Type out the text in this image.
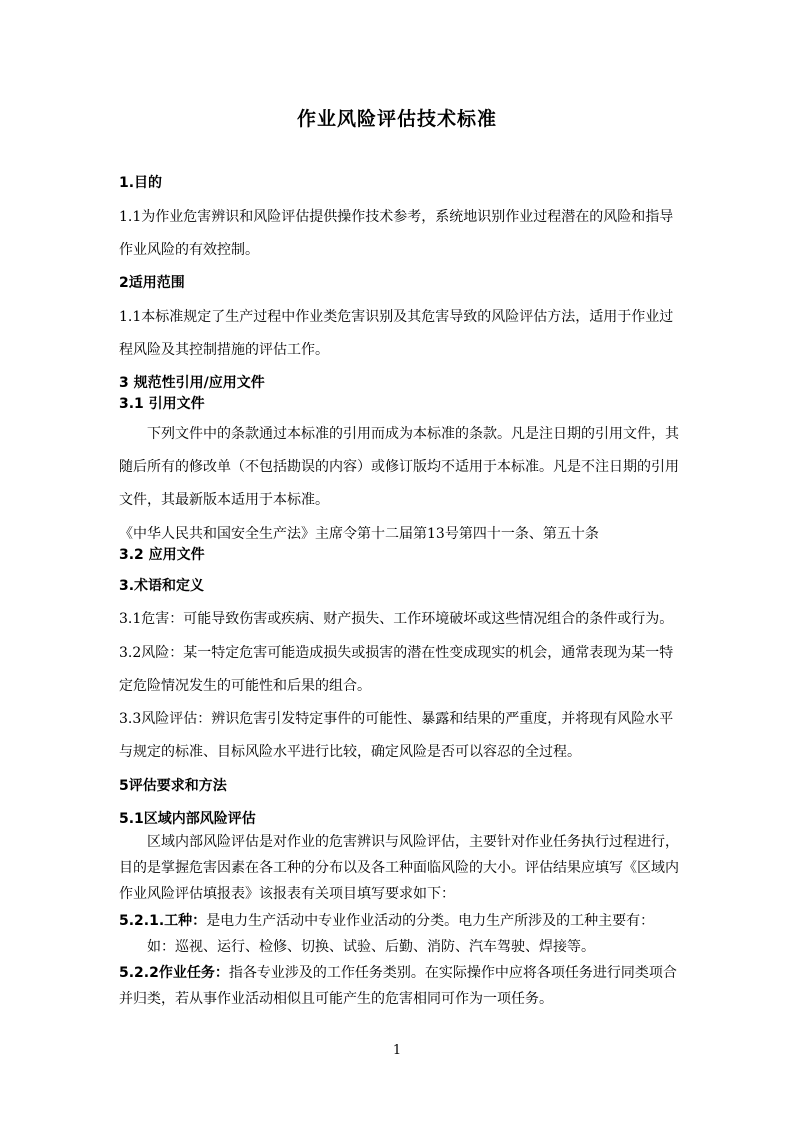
作业风险评估技术标准
1.目的
1.1为作业危害辨识和风险评估提供操作技术参考，系统地识别作业过程潜在的风险和指导
作业风险的有效控制。
2适用范围
1.1本标准规定了生产过程中作业类危害识别及其危害导致的风险评估方法，适用于作业过
程风险及其控制措施的评估工作。
3 规范性引用/应用文件
3.1 引用文件
下列文件中的条款通过本标准的引用而成为本标准的条款。凡是注日期的引用文件，其
随后所有的修改单（不包括勘误的内容）或修订版均不适用于本标准。凡是不注日期的引用
文件，其最新版本适用于本标准。
《中华人民共和国安全生产法》主席令第十二届第13号第四十一条、第五十条
3.2 应用文件
3.术语和定义
3.1危害：可能导致伤害或疾病、财产损失、工作环境破坏或这些情况组合的条件或行为。
3.2风险：某一特定危害可能造成损失或损害的潜在性变成现实的机会，通常表现为某一特
定危险情况发生的可能性和后果的组合。
3.3风险评估：辨识危害引发特定事件的可能性、暴露和结果的严重度，并将现有风险水平
与规定的标准、目标风险水平进行比较，确定风险是否可以容忍的全过程。
5评估要求和方法
5.1区域内部风险评估
区域内部风险评估是对作业的危害辨识与风险评估，主要针对作业任务执行过程进行，
目的是掌握危害因素在各工种的分布以及各工种面临风险的大小。评估结果应填写《区域内
作业风险评估填报表》该报表有关项目填写要求如下：
5.2.1.工种：是电力生产活动中专业作业活动的分类。电力生产所涉及的工种主要有：
如：巡视、运行、检修、切换、试验、后勤、消防、汽车驾驶、焊接等。
5.2.2作业任务：指各专业涉及的工作任务类别。在实际操作中应将各项任务进行同类项合
并归类，若从事作业活动相似且可能产生的危害相同可作为一项任务。
1
